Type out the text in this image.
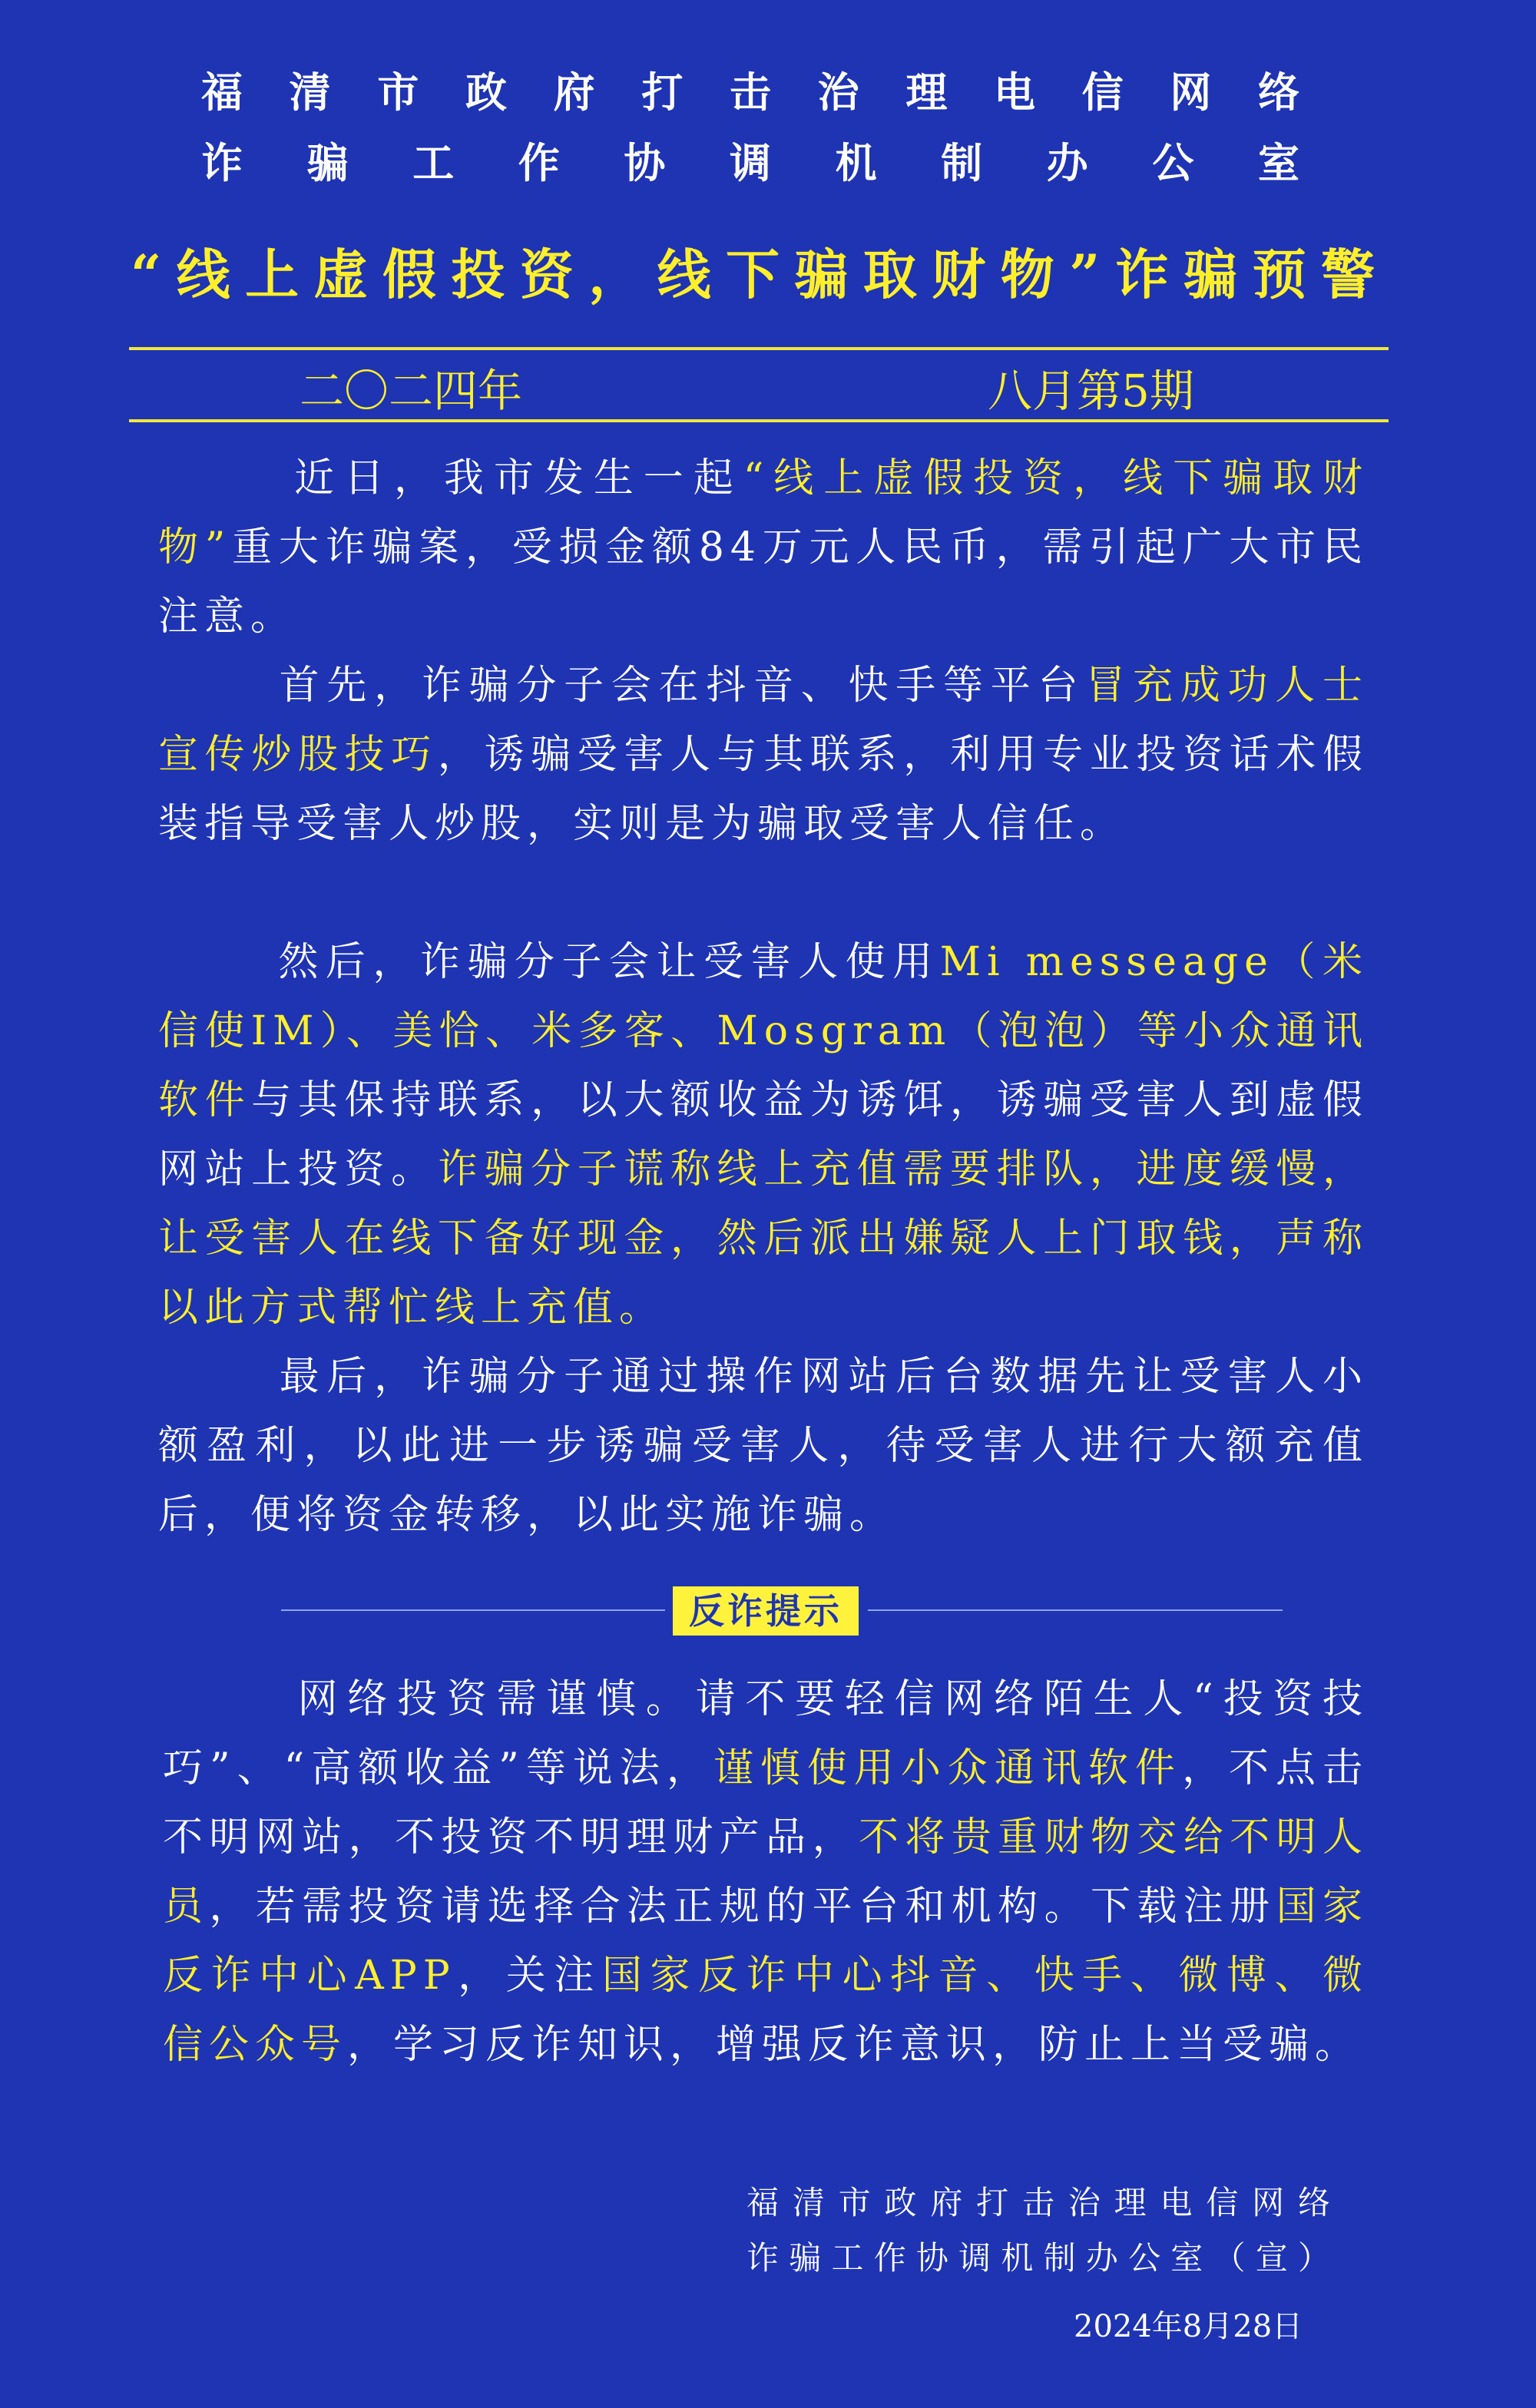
福清市政府打击治理电信网络
诈骗工作协调机制办公室
“线上虚假投资，线下骗取财物”诈骗预警
二〇二四年	八月第5期
近日，我市发生一起“线上虚假投资，线下骗取财物”重大诈骗案，受损金额84万元人民币，需引起广大市民注意。
首先，诈骗分子会在抖音、快手等平台冒充成功人士宣传炒股技巧，诱骗受害人与其联系，利用专业投资话术假装指导受害人炒股，实则是为骗取受害人信任。
然后，诈骗分子会让受害人使用Mi messeage（米信使IM）、美恰、米多客、Mosgram（泡泡）等小众通讯软件与其保持联系，以大额收益为诱饵，诱骗受害人到虚假网站上投资。诈骗分子谎称线上充值需要排队，进度缓慢，让受害人在线下备好现金，然后派出嫌疑人上门取钱，声称以此方式帮忙线上充值。
最后，诈骗分子通过操作网站后台数据先让受害人小额盈利，以此进一步诱骗受害人，待受害人进行大额充值后，便将资金转移，以此实施诈骗。
反诈提示
网络投资需谨慎。请不要轻信网络陌生人“投资技巧”、“高额收益”等说法，谨慎使用小众通讯软件，不点击不明网站，不投资不明理财产品，不将贵重财物交给不明人员，若需投资请选择合法正规的平台和机构。下载注册国家反诈中心APP，关注国家反诈中心抖音、快手、微博、微信公众号，学习反诈知识，增强反诈意识，防止上当受骗。
福清市政府打击治理电信网络
诈骗工作协调机制办公室（宣）
2024年8月28日
